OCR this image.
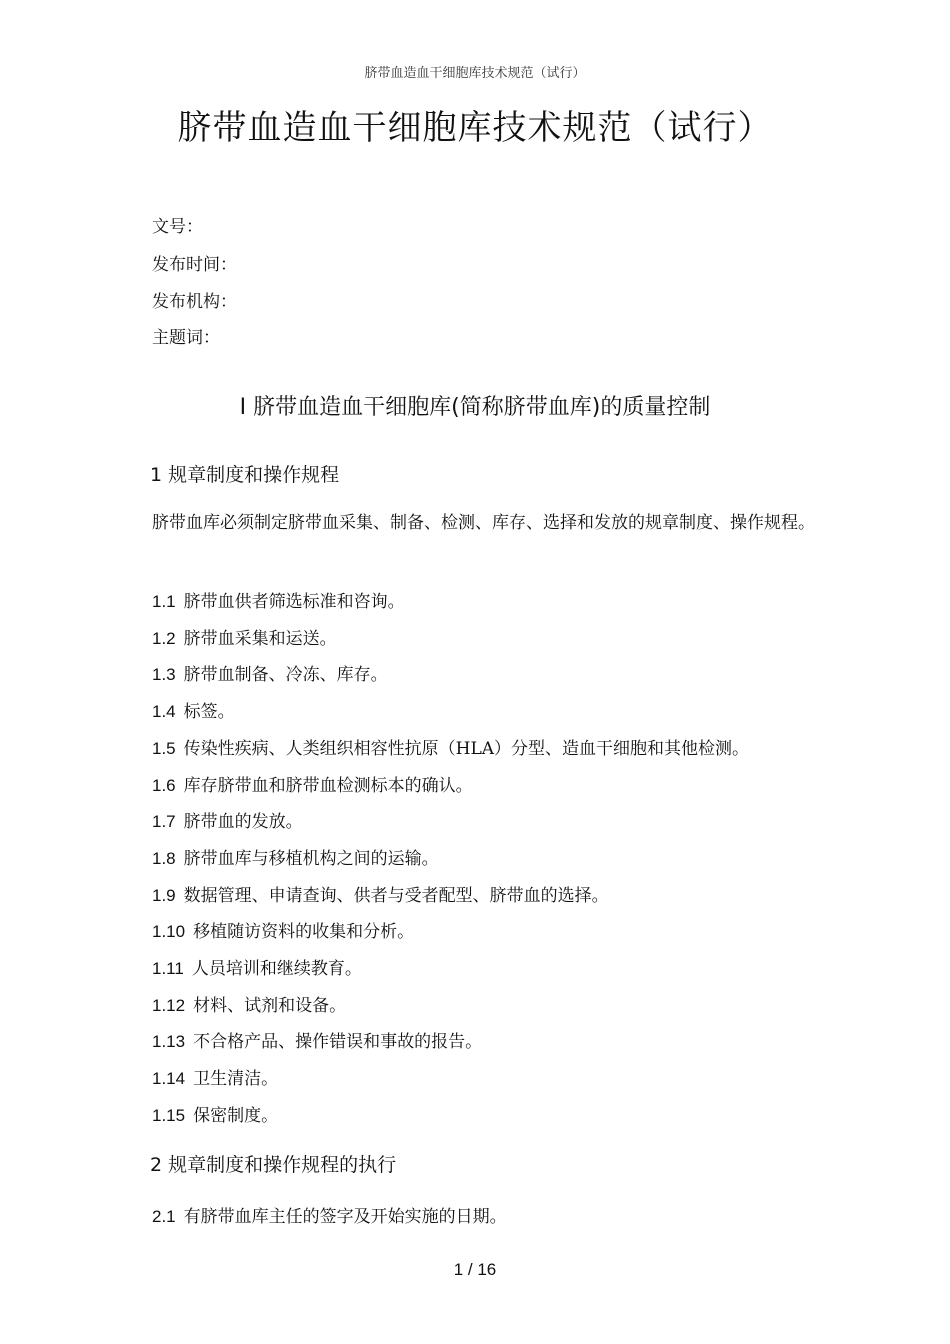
脐带血造血干细胞库技术规范（试行）
脐带血造血干细胞库技术规范（试行）
文号：
发布时间：
发布机构：
主题词：
I 脐带血造血干细胞库(简称脐带血库)的质量控制
1 规章制度和操作规程
脐带血库必须制定脐带血采集、制备、检测、库存、选择和发放的规章制度、操作规程。
1.1 脐带血供者筛选标准和咨询。
1.2 脐带血采集和运送。
1.3 脐带血制备、冷冻、库存。
1.4 标签。
1.5 传染性疾病、人类组织相容性抗原（HLA）分型、造血干细胞和其他检测。
1.6 库存脐带血和脐带血检测标本的确认。
1.7 脐带血的发放。
1.8 脐带血库与移植机构之间的运输。
1.9 数据管理、申请查询、供者与受者配型、脐带血的选择。
1.10 移植随访资料的收集和分析。
1.11 人员培训和继续教育。
1.12 材料、试剂和设备。
1.13 不合格产品、操作错误和事故的报告。
1.14 卫生清洁。
1.15 保密制度。
2 规章制度和操作规程的执行
2.1 有脐带血库主任的签字及开始实施的日期。
1 / 16
